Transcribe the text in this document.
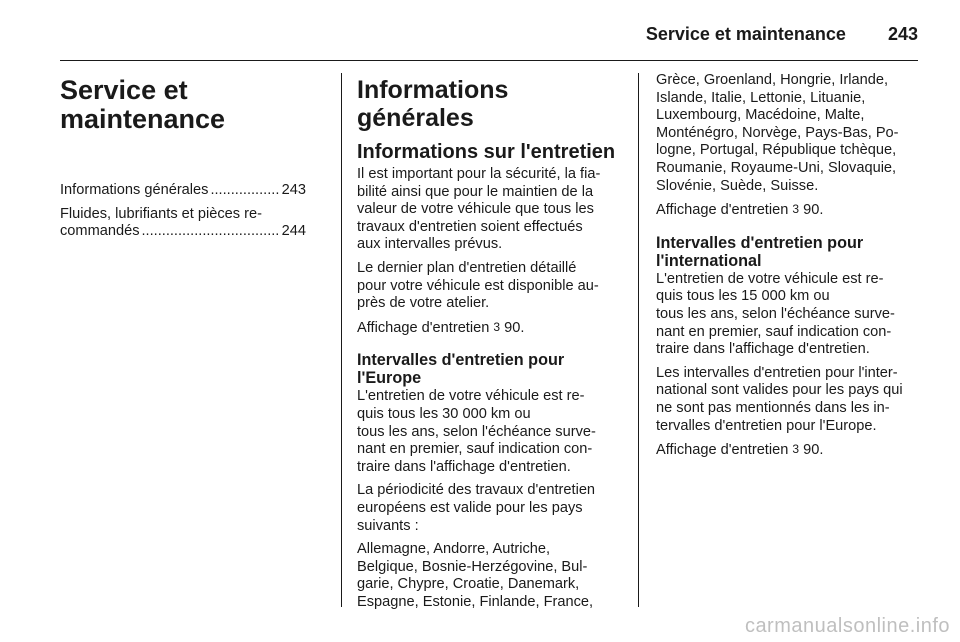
Service et maintenance 243
Service et
maintenance
Informations générales .....	243
Fluides, lubrifiants et pièces re-
commandés .....	244
Informations générales
Informations sur l'entretien

Il est important pour la sécurité, la fia-
bilité ainsi que pour le maintien de la
valeur de votre véhicule que tous les
travaux d'entretien soient effectués
aux intervalles prévus.

Le dernier plan d'entretien détaillé
pour votre véhicule est disponible au-
près de votre atelier.

Affichage d'entretien 3 90.

Intervalles d'entretien pour
l'Europe

L'entretien de votre véhicule est re-
quis tous les 30 000 km ou
tous les ans, selon l'échéance surve-
nant en premier, sauf indication con-
traire dans l'affichage d'entretien.

La périodicité des travaux d'entretien
européens est valide pour les pays
suivants :

Allemagne, Andorre, Autriche,
Belgique, Bosnie-Herzégovine, Bul-
garie, Chypre, Croatie, Danemark,
Espagne, Estonie, Finlande, France,

Grèce, Groenland, Hongrie, Irlande,
Islande, Italie, Lettonie, Lituanie,
Luxembourg, Macédoine, Malte,
Monténégro, Norvège, Pays-Bas, Po-
logne, Portugal, République tchèque,
Roumanie, Royaume-Uni, Slovaquie,
Slovénie, Suède, Suisse.

Affichage d'entretien 3 90.

Intervalles d'entretien pour
l'international

L'entretien de votre véhicule est re-
quis tous les 15 000 km ou
tous les ans, selon l'échéance surve-
nant en premier, sauf indication con-
traire dans l'affichage d'entretien.

Les intervalles d'entretien pour l'inter-
national sont valides pour les pays qui
ne sont pas mentionnés dans les in-
tervalles d'entretien pour l'Europe.

Affichage d'entretien 3 90.

carmanualsonline.info
